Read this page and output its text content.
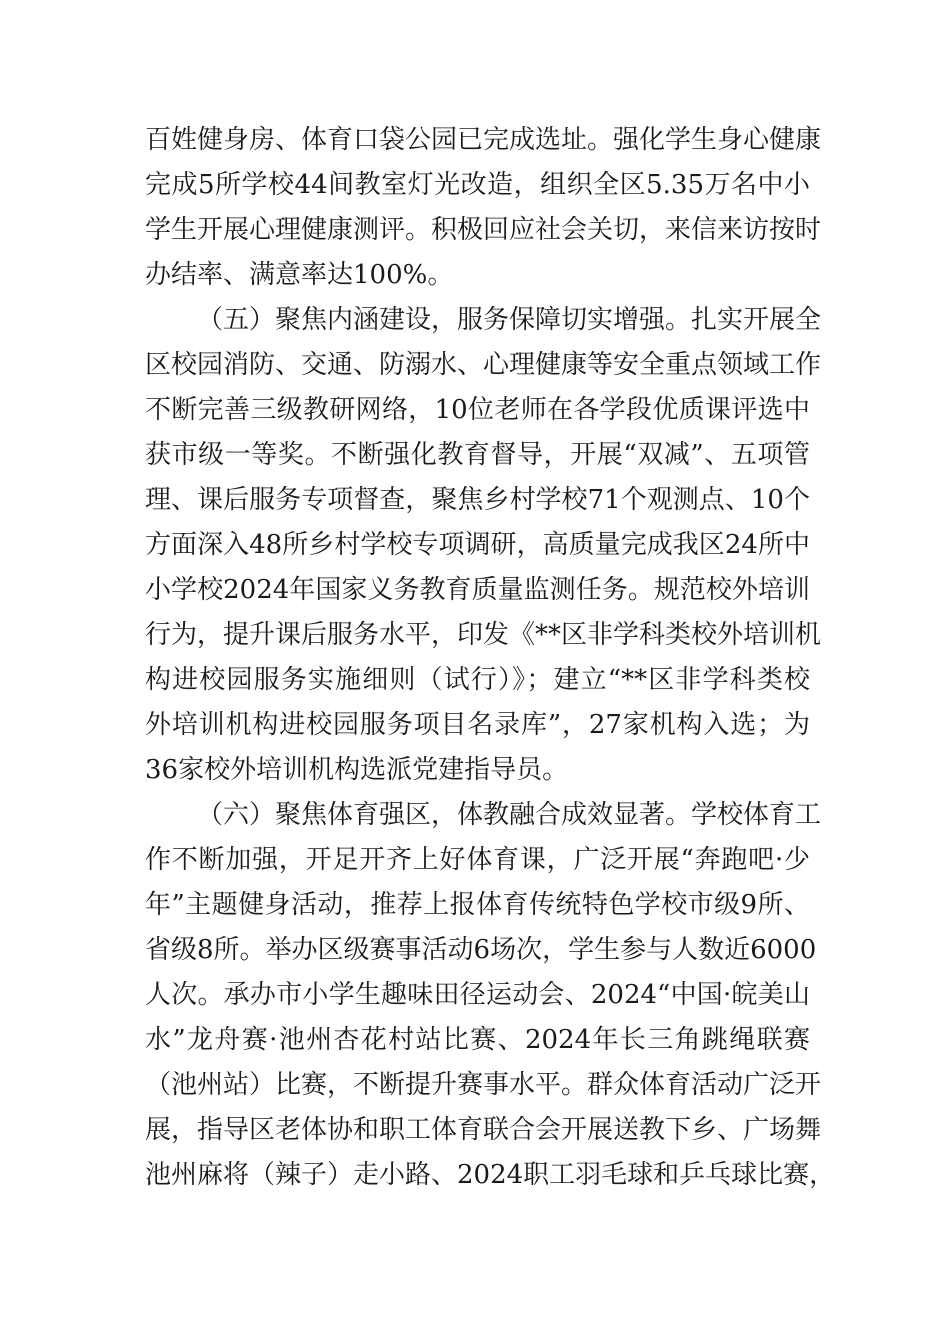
百姓健身房、体育口袋公园已完成选址。强化学生身心健康
完成5所学校44间教室灯光改造，组织全区5.35万名中小
学生开展心理健康测评。积极回应社会关切，来信来访按时
办结率、满意率达100%。
（五）聚焦内涵建设，服务保障切实增强。扎实开展全
区校园消防、交通、防溺水、心理健康等安全重点领域工作
不断完善三级教研网络，10位老师在各学段优质课评选中
获市级一等奖。不断强化教育督导，开展“双减”、五项管
理、课后服务专项督查，聚焦乡村学校71个观测点、10个
方面深入48所乡村学校专项调研，高质量完成我区24所中
小学校2024年国家义务教育质量监测任务。规范校外培训
行为，提升课后服务水平，印发《**区非学科类校外培训机
构进校园服务实施细则（试行）》；建立“**区非学科类校
外培训机构进校园服务项目名录库”，27家机构入选；为
36家校外培训机构选派党建指导员。
（六）聚焦体育强区，体教融合成效显著。学校体育工
作不断加强，开足开齐上好体育课，广泛开展“奔跑吧·少
年”主题健身活动，推荐上报体育传统特色学校市级9所、
省级8所。举办区级赛事活动6场次，学生参与人数近6000
人次。承办市小学生趣味田径运动会、2024“中国·皖美山
水”龙舟赛·池州杏花村站比赛、2024年长三角跳绳联赛
（池州站）比赛，不断提升赛事水平。群众体育活动广泛开
展，指导区老体协和职工体育联合会开展送教下乡、广场舞
池州麻将（辣子）走小路、2024职工羽毛球和乒乓球比赛，
